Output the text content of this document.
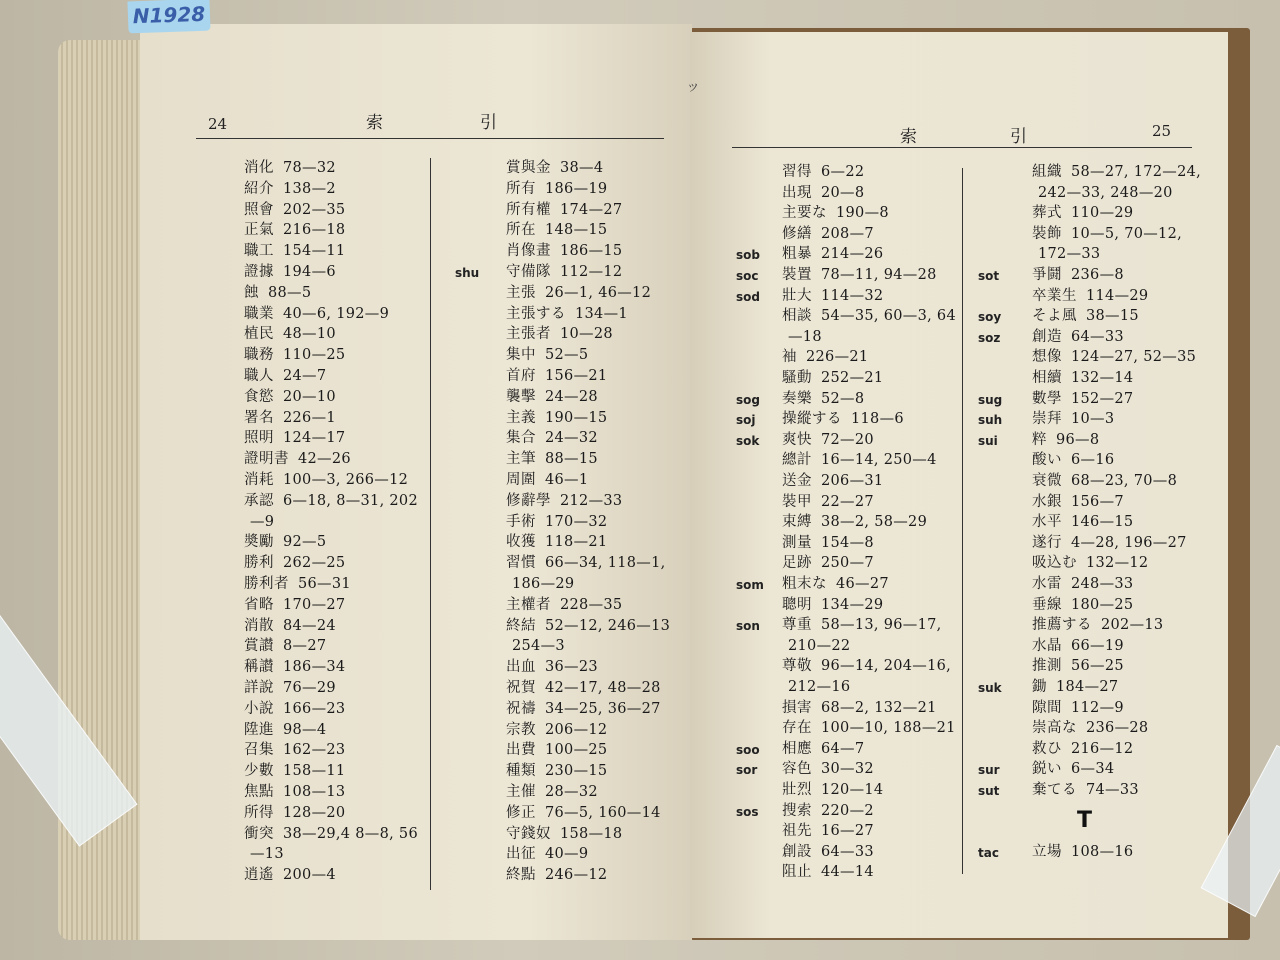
N1928
ッ
24	索	引
索	引	25
消化 78—32
紹介 138—2
照會 202—35
正氣 216—18
職工 154—11
證據 194—6
蝕 88—5
職業 40—6, 192—9
植民 48—10
職務 110—25
職人 24—7
食慾 20—10
署名 226—1
照明 124—17
證明書 42—26
消耗 100—3, 266—12
承認 6—18, 8—31, 202
—9
奬勵 92—5
勝利 262—25
勝利者 56—31
省略 170—27
消散 84—24
賞讃 8—27
稱讃 186—34
詳說 76—29
小說 166—23
陞進 98—4
召集 162—23
少數 158—11
焦點 108—13
所得 128—20
衝突 38—29,4 8—8, 56
—13
逍遙 200—4
賞與金 38—4
所有 186—19
所有權 174—27
所在 148—15
肖像畫 186—15
shu 守備隊 112—12
主張 26—1, 46—12
主張する 134—1
主張者 10—28
集中 52—5
首府 156—21
襲擊 24—28
主義 190—15
集合 24—32
主筆 88—15
周圍 46—1
修辭學 212—33
手術 170—32
收獲 118—21
習慣 66—34, 118—1,
186—29
主權者 228—35
終結 52—12, 246—13
254—3
出血 36—23
祝賀 42—17, 48—28
祝禱 34—25, 36—27
宗教 206—12
出費 100—25
種類 230—15
主催 28—32
修正 76—5, 160—14
守錢奴 158—18
出征 40—9
終點 246—12
習得 6—22
出現 20—8
主要な 190—8
修繕 208—7
sob 粗暴 214—26
soc 裝置 78—11, 94—28
sod 壯大 114—32
相談 54—35, 60—3, 64
—18
袖 226—21
騷動 252—21
sog 奏樂 52—8
soj 操縱する 118—6
sok 爽快 72—20
總計 16—14, 250—4
送金 206—31
裝甲 22—27
束縛 38—2, 58—29
測量 154—8
足跡 250—7
som 粗末な 46—27
聰明 134—29
son 尊重 58—13, 96—17,
210—22
尊敬 96—14, 204—16,
212—16
損害 68—2, 132—21
存在 100—10, 188—21
soo 相應 64—7
sor 容色 30—32
壯烈 120—14
sos 搜索 220—2
祖先 16—27
創設 64—33
阻止 44—14
組織 58—27, 172—24,
242—33, 248—20
葬式 110—29
裝飾 10—5, 70—12,
172—33
sot 爭鬪 236—8
卒業生 114—29
soy そよ風 38—15
soz 創造 64—33
想像 124—27, 52—35
相續 132—14
sug 數學 152—27
suh 崇拜 10—3
sui 粹 96—8
酸い 6—16
衰微 68—23, 70—8
水銀 156—7
水平 146—15
遂行 4—28, 196—27
吸込む 132—12
水雷 248—33
垂線 180—25
推薦する 202—13
水晶 66—19
推測 56—25
suk 鋤 184—27
隙間 112—9
崇高な 236—28
救ひ 216—12
sur 鋭い 6—34
sut 棄てる 74—33
T
tac 立場 108—16
